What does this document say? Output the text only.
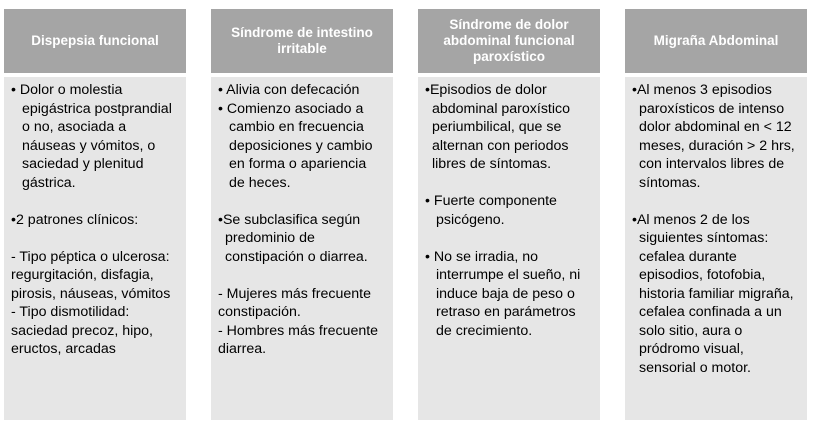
Dispepsia funcional

• Dolor o molestia epigástrica postprandial o no, asociada a náuseas y vómitos, o saciedad y plenitud gástrica.

•2 patrones clínicos:

- Tipo péptica o ulcerosa: regurgitación, disfagia, pirosis, náuseas, vómitos

- Tipo dismotilidad: saciedad precoz, hipo, eructos, arcadas

Síndrome de intestino irritable

• Alivia con defecación

• Comienzo asociado a cambio en frecuencia deposiciones y cambio en forma o apariencia de heces.

•Se subclasifica según predominio de constipación o diarrea.

- Mujeres más frecuente constipación.

- Hombres más frecuente diarrea.

Síndrome de dolor abdominal funcional paroxístico

•Episodios de dolor abdominal paroxístico periumbilical, que se alternan con periodos libres de síntomas.

• Fuerte componente psicógeno.

• No se irradia, no interrumpe el sueño, ni induce baja de peso o retraso en parámetros de crecimiento.

Migraña Abdominal

•Al menos 3 episodios paroxísticos de intenso dolor abdominal en < 12 meses, duración > 2 hrs, con intervalos libres de síntomas.

•Al menos 2 de los siguientes síntomas: cefalea durante episodios, fotofobia, historia familiar migraña, cefalea confinada a un solo sitio, aura o pródromo visual, sensorial o motor.
